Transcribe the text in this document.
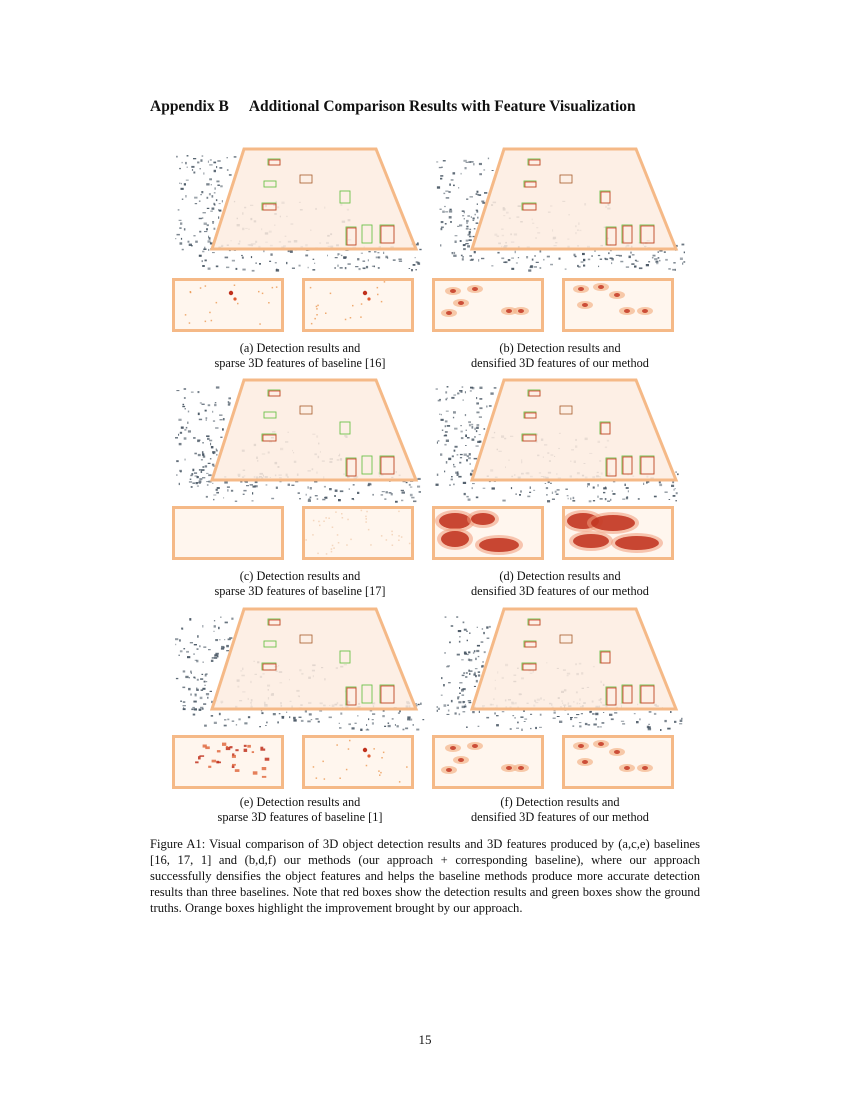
Appendix B Additional Comparison Results with Feature Visualization
(a) Detection results and
sparse 3D features of baseline [16]
(b) Detection results and
densified 3D features of our method
(c) Detection results and
sparse 3D features of baseline [17]
(d) Detection results and
densified 3D features of our method
(e) Detection results and
sparse 3D features of baseline [1]
(f) Detection results and
densified 3D features of our method
Figure A1: Visual comparison of 3D object detection results and 3D features produced by (a,c,e) baselines [16, 17, 1] and (b,d,f) our methods (our approach + corresponding baseline), where our approach successfully densifies the object features and helps the baseline methods produce more accurate detection results than three baselines. Note that red boxes show the detection results and green boxes show the ground truths. Orange boxes highlight the improvement brought by our approach.
15
